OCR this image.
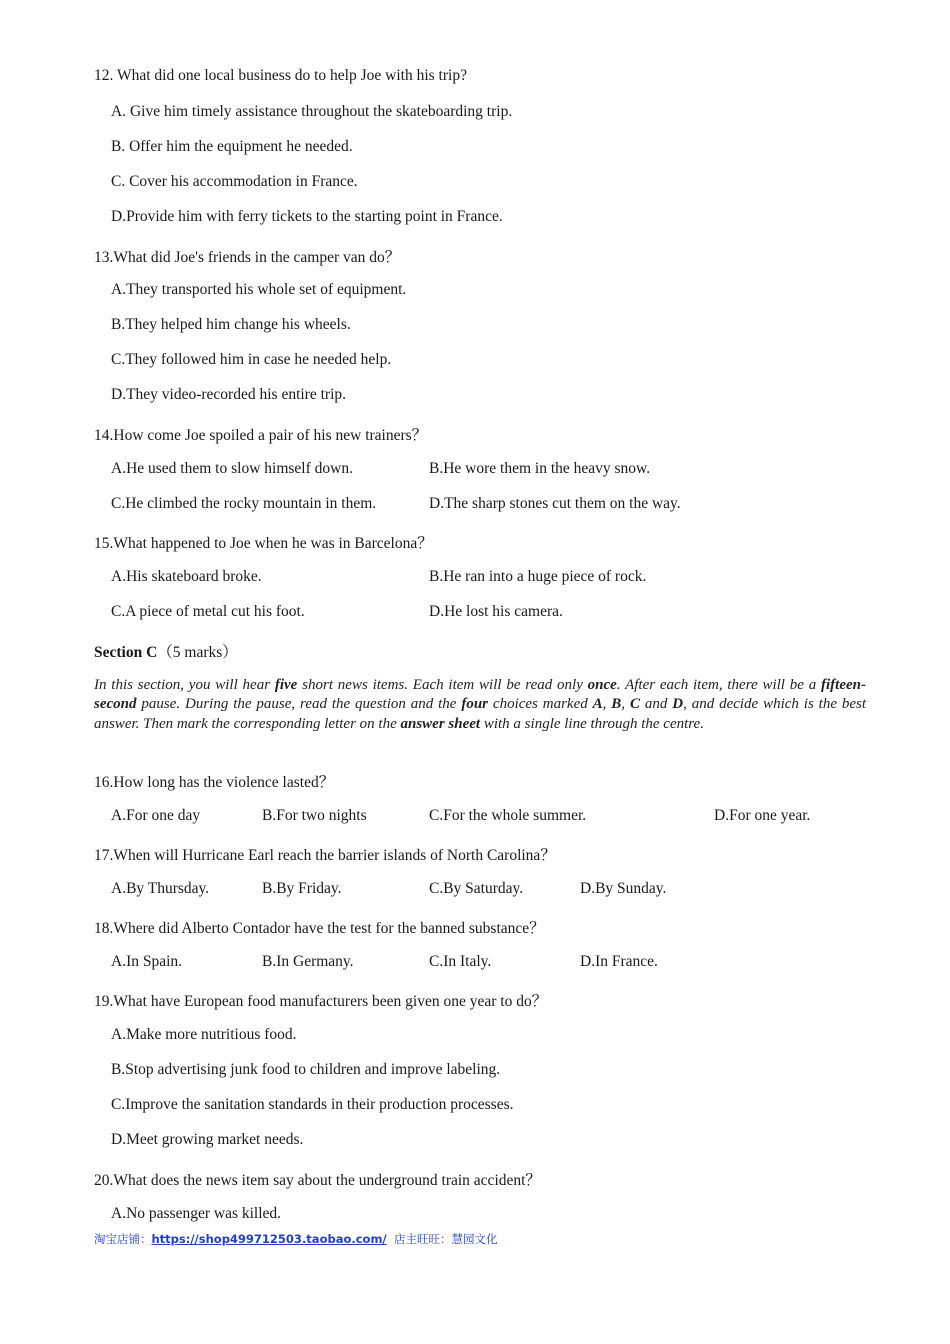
12. What did one local business do to help Joe with his trip?
A. Give him timely assistance throughout the skateboarding trip.
B. Offer him the equipment he needed.
C. Cover his accommodation in France.
D.Provide him with ferry tickets to the starting point in France.
13.What did Joe's friends in the camper van do？
A.They transported his whole set of equipment.
B.They helped him change his wheels.
C.They followed him in case he needed help.
D.They video-recorded his entire trip.
14.How come Joe spoiled a pair of his new trainers？
A.He used them to slow himself down.	B.He wore them in the heavy snow.
C.He climbed the rocky mountain in them.	D.The sharp stones cut them on the way.
15.What happened to Joe when he was in Barcelona？
A.His skateboard broke.	B.He ran into a huge piece of rock.
C.A piece of metal cut his foot.	D.He lost his camera.
Section C（5 marks）
In this section, you will hear five short news items. Each item will be read only once. After each item, there will be a fifteen-second pause. During the pause, read the question and the four choices marked A, B, C and D, and decide which is the best answer. Then mark the corresponding letter on the answer sheet with a single line through the centre.
16.How long has the violence lasted？
A.For one day	B.For two nights	C.For the whole summer.	D.For one year.
17.When will Hurricane Earl reach the barrier islands of North Carolina？
A.By Thursday.	B.By Friday.	C.By Saturday.	D.By Sunday.
18.Where did Alberto Contador have the test for the banned substance？
A.In Spain.	B.In Germany.	C.In Italy.	D.In France.
19.What have European food manufacturers been given one year to do？
A.Make more nutritious food.
B.Stop advertising junk food to children and improve labeling.
C.Improve the sanitation standards in their production processes.
D.Meet growing market needs.
20.What does the news item say about the underground train accident？
A.No passenger was killed.
淘宝店铺：https://shop499712503.taobao.com/  店主旺旺：慧园文化
